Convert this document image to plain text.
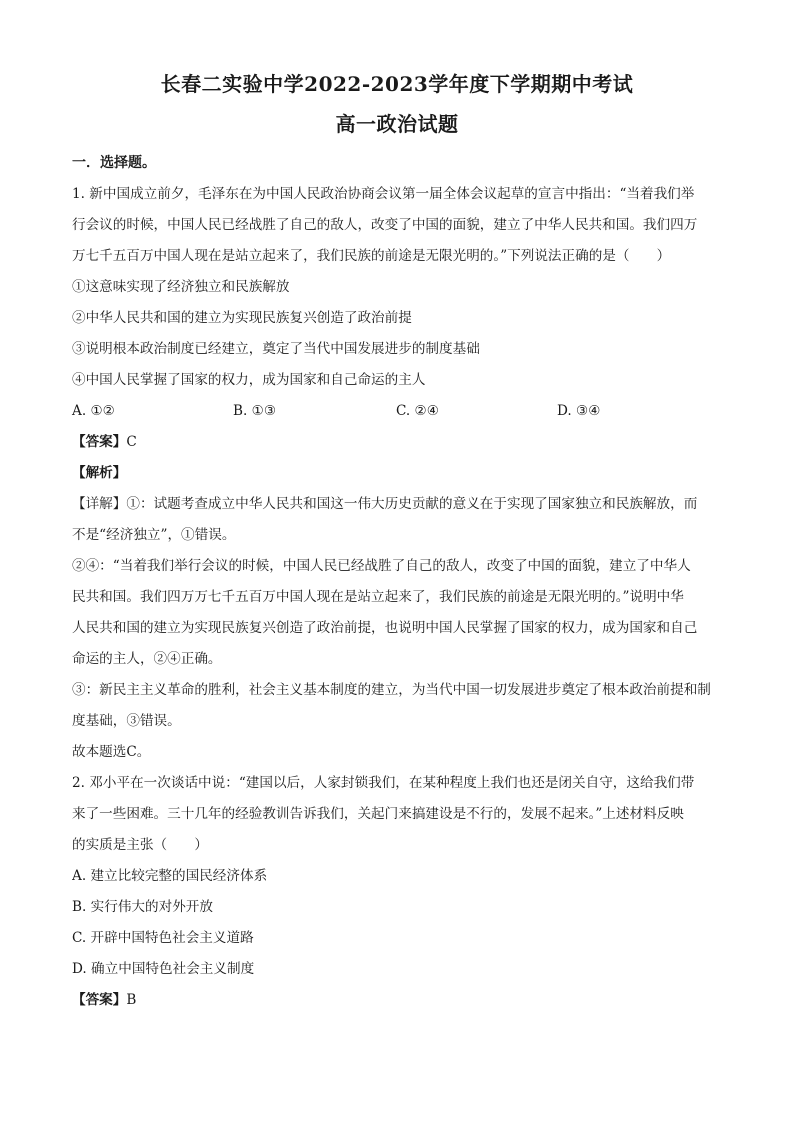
长春二实验中学2022-2023学年度下学期期中考试
高一政治试题
一．选择题。
1. 新中国成立前夕，毛泽东在为中国人民政治协商会议第一届全体会议起草的宣言中指出：“当着我们举
行会议的时候，中国人民已经战胜了自己的敌人，改变了中国的面貌，建立了中华人民共和国。我们四万
万七千五百万中国人现在是站立起来了，我们民族的前途是无限光明的。”下列说法正确的是（　　）
①这意味实现了经济独立和民族解放
②中华人民共和国的建立为实现民族复兴创造了政治前提
③说明根本政治制度已经建立，奠定了当代中国发展进步的制度基础
④中国人民掌握了国家的权力，成为国家和自己命运的主人
A. ①②	B. ①③	C. ②④	D. ③④
【答案】C
【解析】
【详解】①：试题考查成立中华人民共和国这一伟大历史贡献的意义在于实现了国家独立和民族解放，而
不是“经济独立”，①错误。
②④：“当着我们举行会议的时候，中国人民已经战胜了自己的敌人，改变了中国的面貌，建立了中华人
民共和国。我们四万万七千五百万中国人现在是站立起来了，我们民族的前途是无限光明的。”说明中华
人民共和国的建立为实现民族复兴创造了政治前提，也说明中国人民掌握了国家的权力，成为国家和自己
命运的主人，②④正确。
③：新民主主义革命的胜利，社会主义基本制度的建立，为当代中国一切发展进步奠定了根本政治前提和制
度基础，③错误。
故本题选C。
2. 邓小平在一次谈话中说：“建国以后，人家封锁我们，在某种程度上我们也还是闭关自守，这给我们带
来了一些困难。三十几年的经验教训告诉我们，关起门来搞建设是不行的，发展不起来。”上述材料反映
的实质是主张（　　）
A. 建立比较完整的国民经济体系
B. 实行伟大的对外开放
C. 开辟中国特色社会主义道路
D. 确立中国特色社会主义制度
【答案】B
